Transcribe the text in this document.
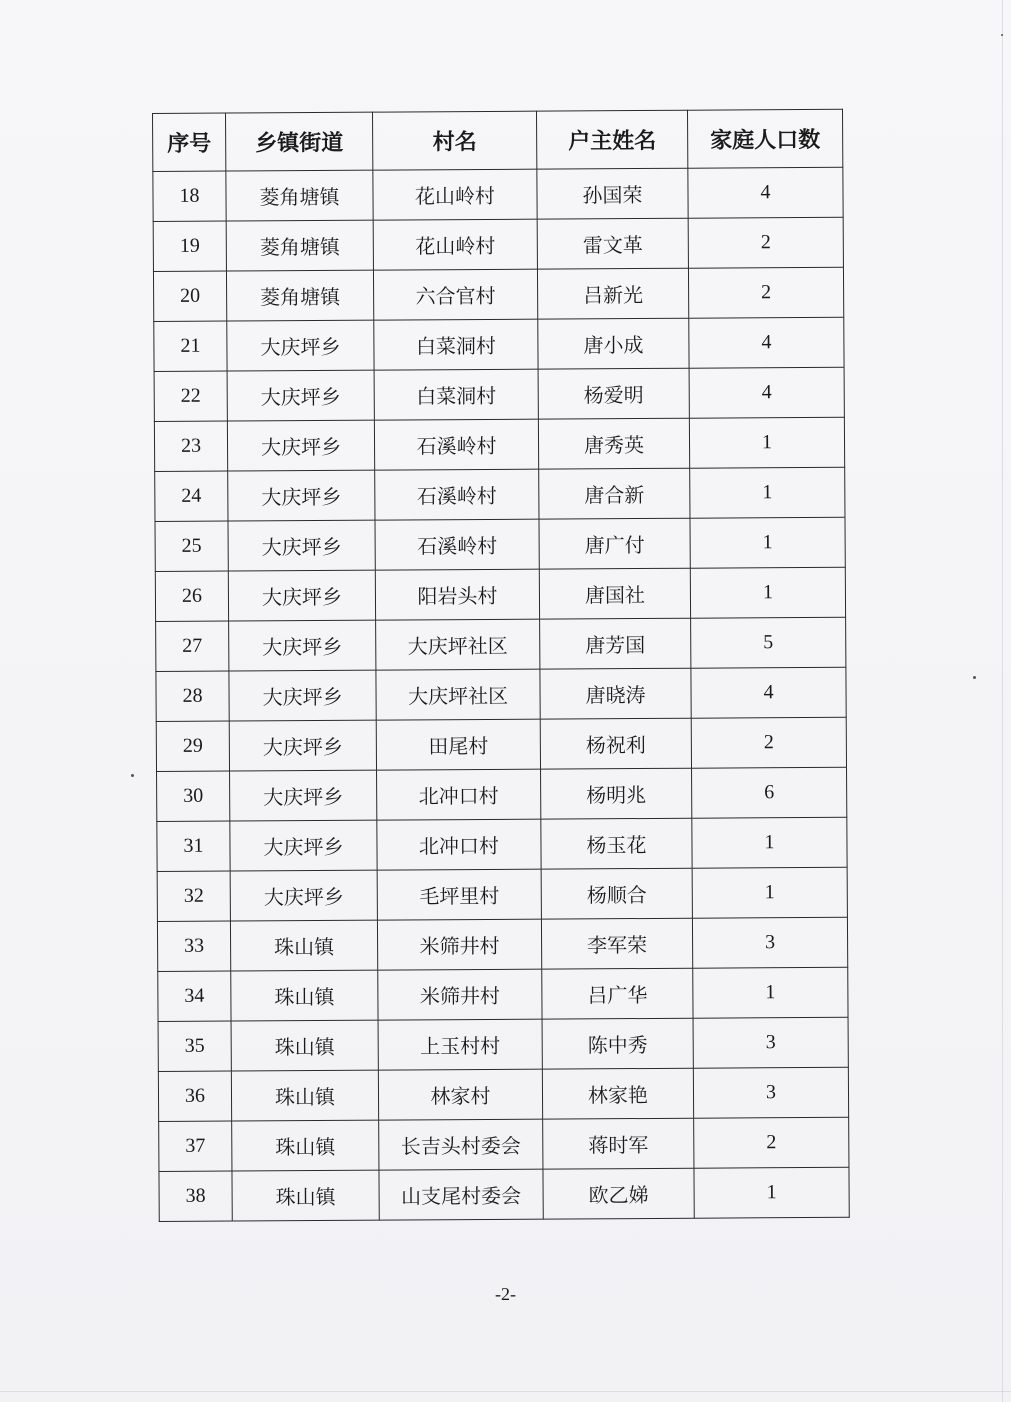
序号	乡镇街道	村名	户主姓名	家庭人口数
18	菱角塘镇	花山岭村	孙国荣	4
19	菱角塘镇	花山岭村	雷文革	2
20	菱角塘镇	六合官村	吕新光	2
21	大庆坪乡	白菜洞村	唐小成	4
22	大庆坪乡	白菜洞村	杨爱明	4
23	大庆坪乡	石溪岭村	唐秀英	1
24	大庆坪乡	石溪岭村	唐合新	1
25	大庆坪乡	石溪岭村	唐广付	1
26	大庆坪乡	阳岩头村	唐国社	1
27	大庆坪乡	大庆坪社区	唐芳国	5
28	大庆坪乡	大庆坪社区	唐晓涛	4
29	大庆坪乡	田尾村	杨祝利	2
30	大庆坪乡	北冲口村	杨明兆	6
31	大庆坪乡	北冲口村	杨玉花	1
32	大庆坪乡	毛坪里村	杨顺合	1
33	珠山镇	米筛井村	李军荣	3
34	珠山镇	米筛井村	吕广华	1
35	珠山镇	上玉村村	陈中秀	3
36	珠山镇	林家村	林家艳	3
37	珠山镇	长吉头村委会	蒋时军	2
38	珠山镇	山支尾村委会	欧乙娣	1
-2-
